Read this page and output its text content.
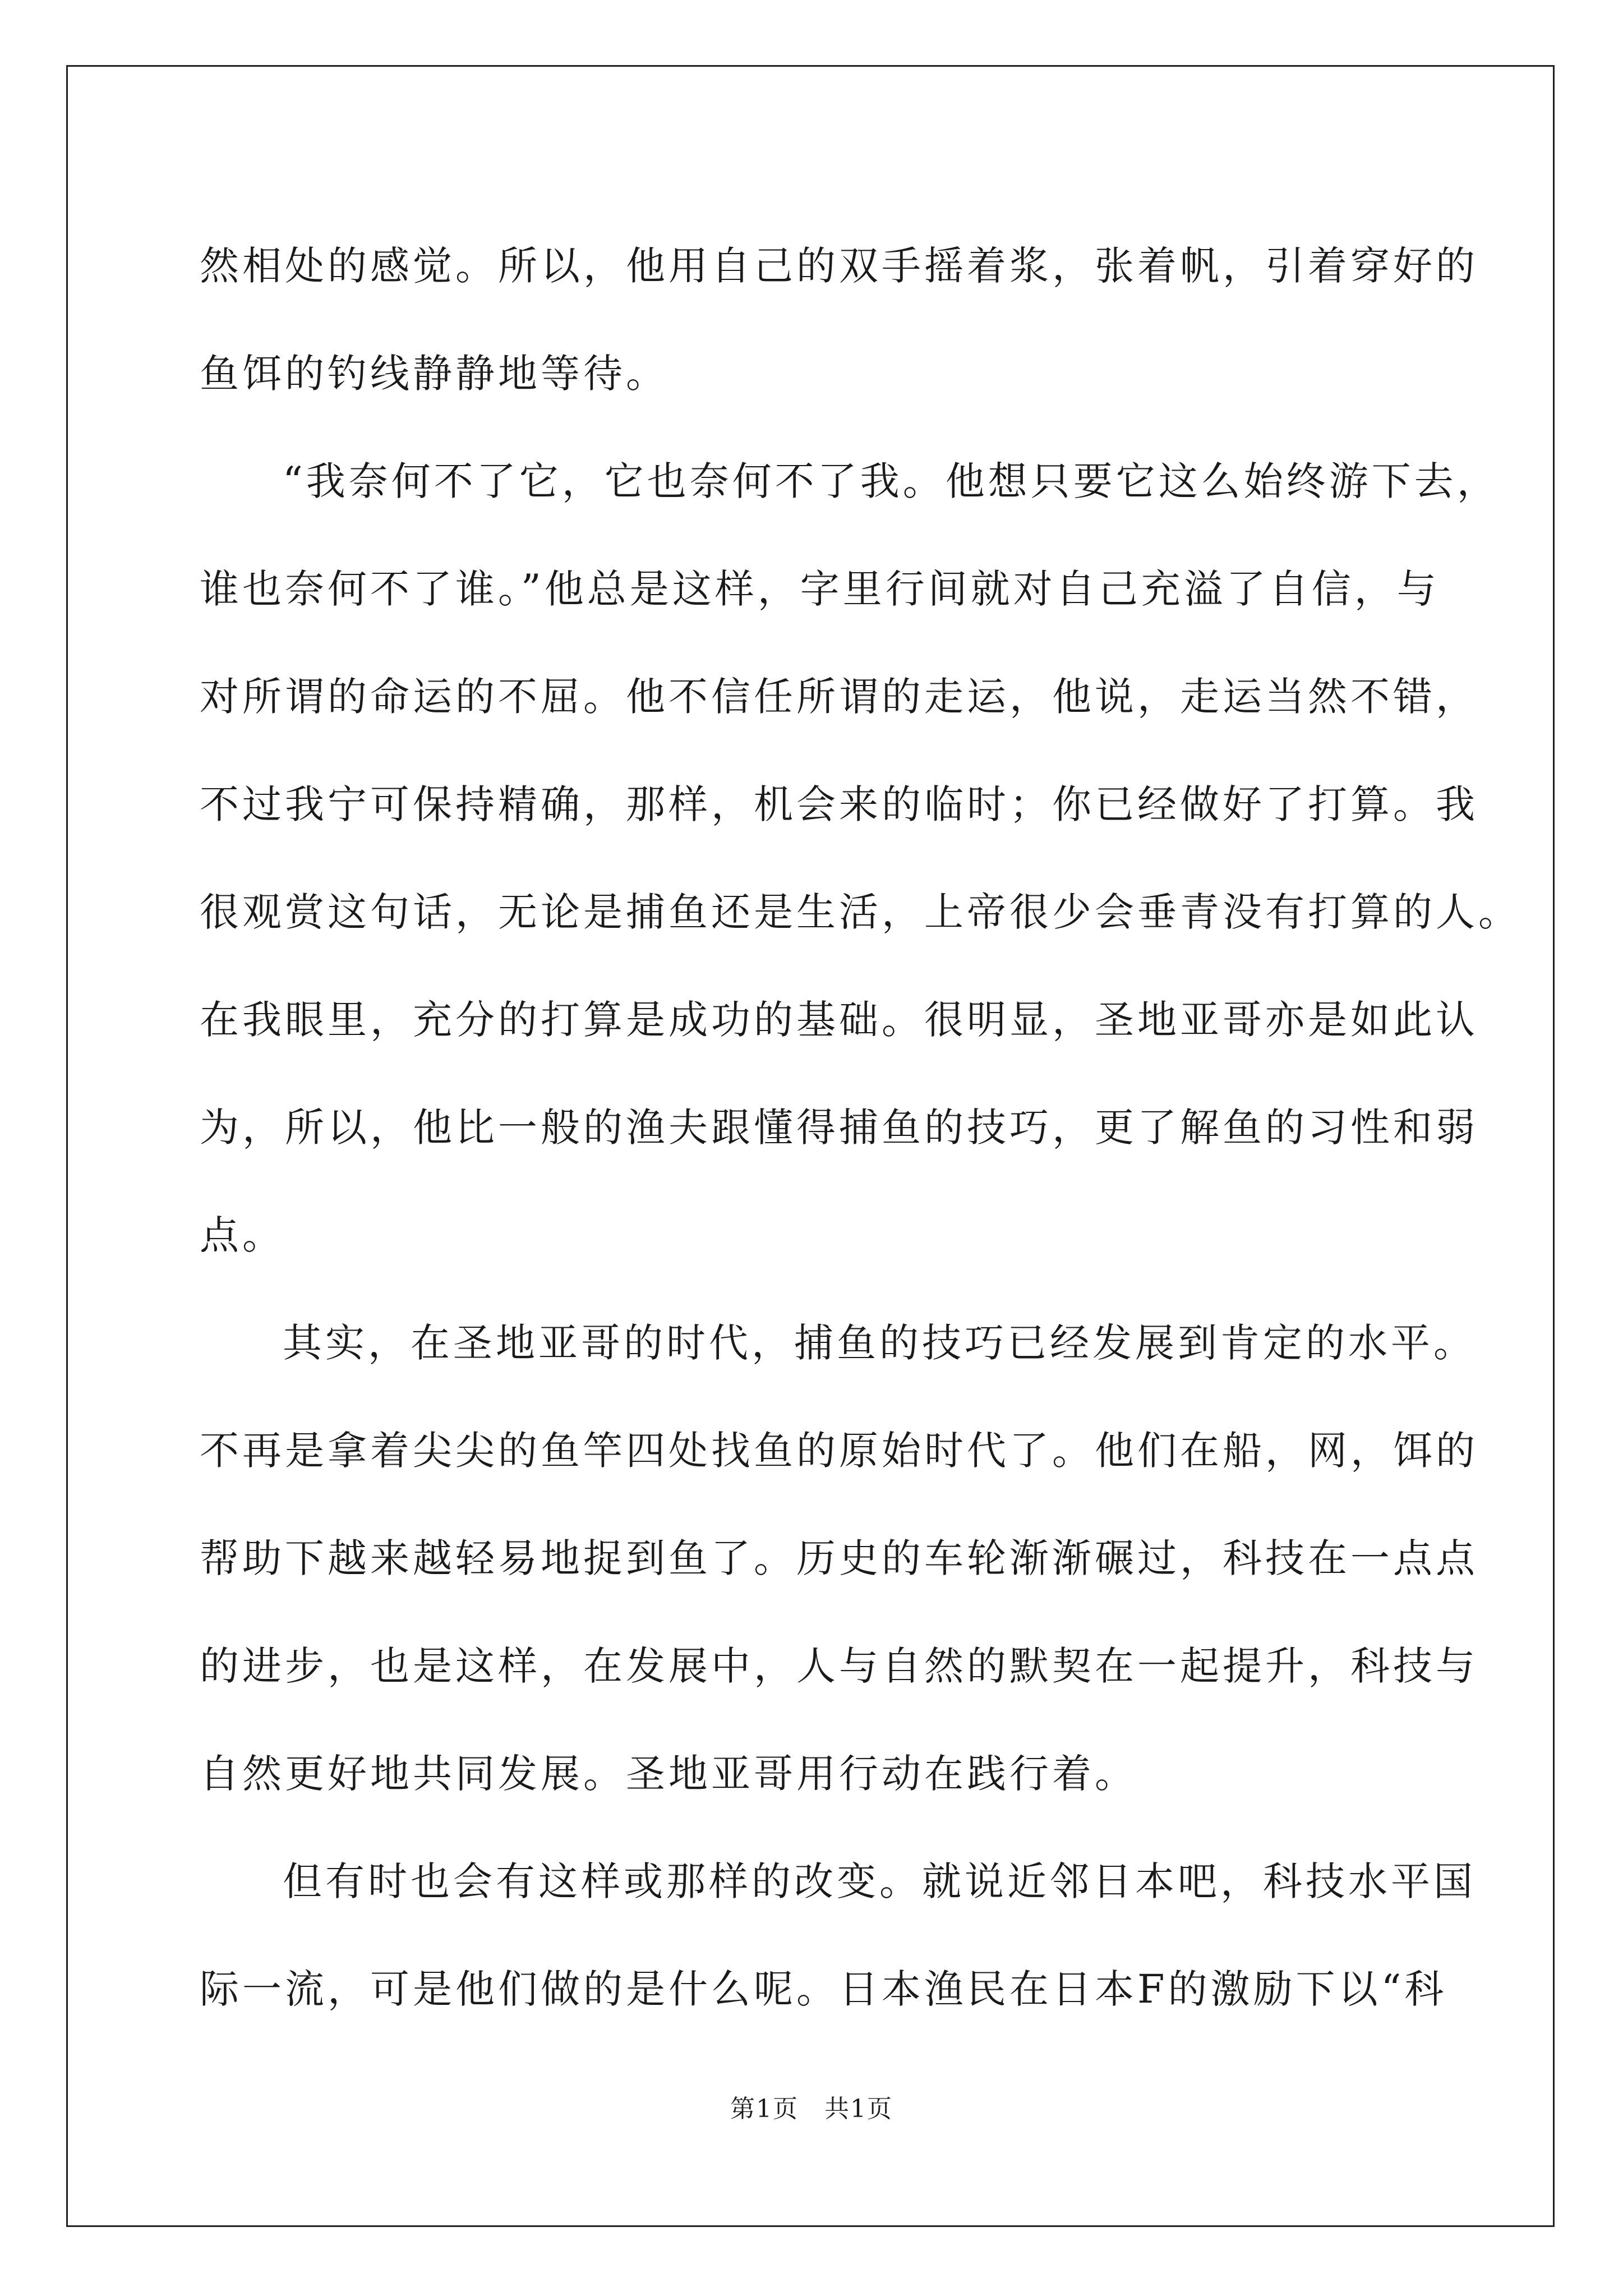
然相处的感觉。所以，他用自己的双手摇着浆，张着帆，引着穿好的
鱼饵的钓线静静地等待。
“我奈何不了它，它也奈何不了我。他想只要它这么始终游下去，
谁也奈何不了谁。”他总是这样，字里行间就对自己充溢了自信，与
对所谓的命运的不屈。他不信任所谓的走运，他说，走运当然不错，
不过我宁可保持精确，那样，机会来的临时；你已经做好了打算。我
很观赏这句话，无论是捕鱼还是生活，上帝很少会垂青没有打算的人。
在我眼里，充分的打算是成功的基础。很明显，圣地亚哥亦是如此认
为，所以，他比一般的渔夫跟懂得捕鱼的技巧，更了解鱼的习性和弱
点。
其实，在圣地亚哥的时代，捕鱼的技巧已经发展到肯定的水平。
不再是拿着尖尖的鱼竿四处找鱼的原始时代了。他们在船，网，饵的
帮助下越来越轻易地捉到鱼了。历史的车轮渐渐碾过，科技在一点点
的进步，也是这样，在发展中，人与自然的默契在一起提升，科技与
自然更好地共同发展。圣地亚哥用行动在践行着。
但有时也会有这样或那样的改变。就说近邻日本吧，科技水平国
际一流，可是他们做的是什么呢。日本渔民在日本F的激励下以“科
第1页　共1页
